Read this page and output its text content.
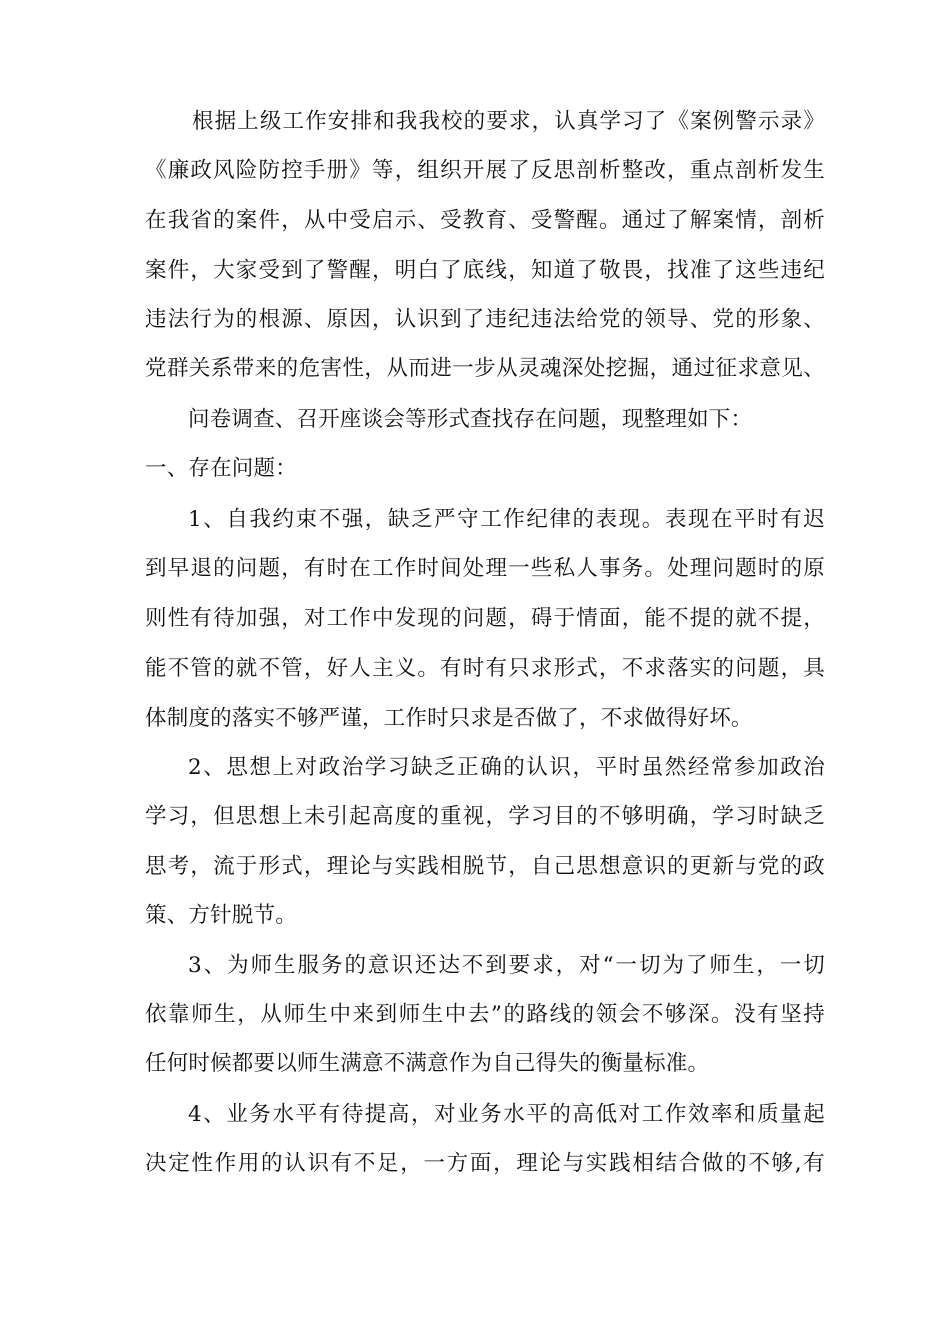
根据上级工作安排和我我校的要求，认真学习了《案例警示录》
《廉政风险防控手册》等，组织开展了反思剖析整改，重点剖析发生
在我省的案件，从中受启示、受教育、受警醒。通过了解案情，剖析
案件，大家受到了警醒，明白了底线，知道了敬畏，找准了这些违纪
违法行为的根源、原因，认识到了违纪违法给党的领导、党的形象、
党群关系带来的危害性，从而进一步从灵魂深处挖掘，通过征求意见、
问卷调查、召开座谈会等形式查找存在问题，现整理如下：
一、存在问题：
1、自我约束不强，缺乏严守工作纪律的表现。表现在平时有迟
到早退的问题，有时在工作时间处理一些私人事务。处理问题时的原
则性有待加强，对工作中发现的问题，碍于情面，能不提的就不提，
能不管的就不管，好人主义。有时有只求形式，不求落实的问题，具
体制度的落实不够严谨，工作时只求是否做了，不求做得好坏。
2、思想上对政治学习缺乏正确的认识，平时虽然经常参加政治
学习，但思想上未引起高度的重视，学习目的不够明确，学习时缺乏
思考，流于形式，理论与实践相脱节，自己思想意识的更新与党的政
策、方针脱节。
3、为师生服务的意识还达不到要求，对“一切为了师生，一切
依靠师生，从师生中来到师生中去”的路线的领会不够深。没有坚持
任何时候都要以师生满意不满意作为自己得失的衡量标准。
4、业务水平有待提高，对业务水平的高低对工作效率和质量起
决定性作用的认识有不足，一方面，理论与实践相结合做的不够,有
